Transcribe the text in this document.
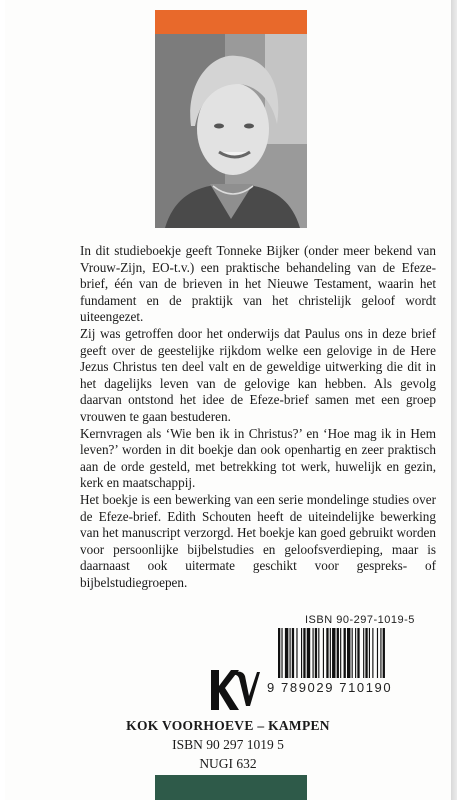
In dit studieboekje geeft Tonneke Bijker (onder meer bekend van Vrouw-Zijn, EO-t.v.) een praktische behandeling van de Efeze-brief, één van de brieven in het Nieuwe Testament, waarin het fundament en de praktijk van het christelijk geloof wordt uiteengezet.

Zij was getroffen door het onderwijs dat Paulus ons in deze brief geeft over de geestelijke rijkdom welke een gelovige in de Here Jezus Christus ten deel valt en de geweldige uitwerking die dit in het dagelijks leven van de gelovige kan hebben. Als gevolg daarvan ontstond het idee de Efeze-brief samen met een groep vrouwen te gaan bestuderen.

Kernvragen als ‘Wie ben ik in Christus?’ en ‘Hoe mag ik in Hem leven?’ worden in dit boekje dan ook openhartig en zeer praktisch aan de orde gesteld, met betrekking tot werk, huwelijk en gezin, kerk en maatschappij.

Het boekje is een bewerking van een serie mondelinge studies over de Efeze-brief. Edith Schouten heeft de uiteindelijke bewerking van het manuscript verzorgd. Het boekje kan goed gebruikt worden voor persoonlijke bijbelstudies en geloofsverdieping, maar is daarnaast ook uitermate geschikt voor gespreks- of bijbelstudiegroepen.

ISBN 90-297-1019-5
9 789029 710190
KOK VOORHOEVE – KAMPEN
ISBN 90 297 1019 5
NUGI 632
